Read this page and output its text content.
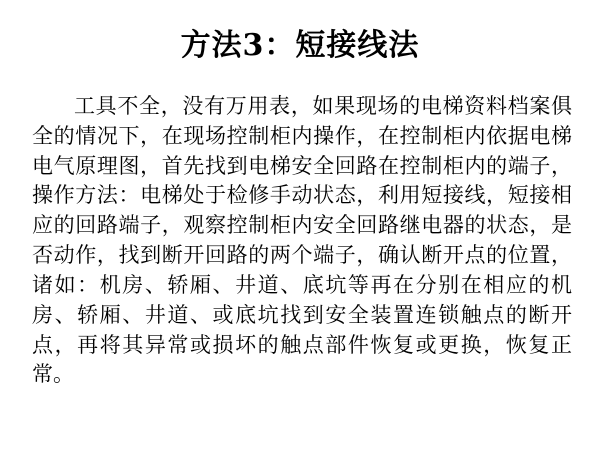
方法3：短接线法
工具不全，没有万用表，如果现场的电梯资料档案俱全的情况下，在现场控制柜内操作，在控制柜内依据电梯电气原理图，首先找到电梯安全回路在控制柜内的端子，操作方法：电梯处于检修手动状态，利用短接线，短接相应的回路端子，观察控制柜内安全回路继电器的状态，是否动作，找到断开回路的两个端子，确认断开点的位置，诸如：机房、轿厢、井道、底坑等再在分别在相应的机房、轿厢、井道、或底坑找到安全装置连锁触点的断开点，再将其异常或损坏的触点部件恢复或更换，恢复正常。
